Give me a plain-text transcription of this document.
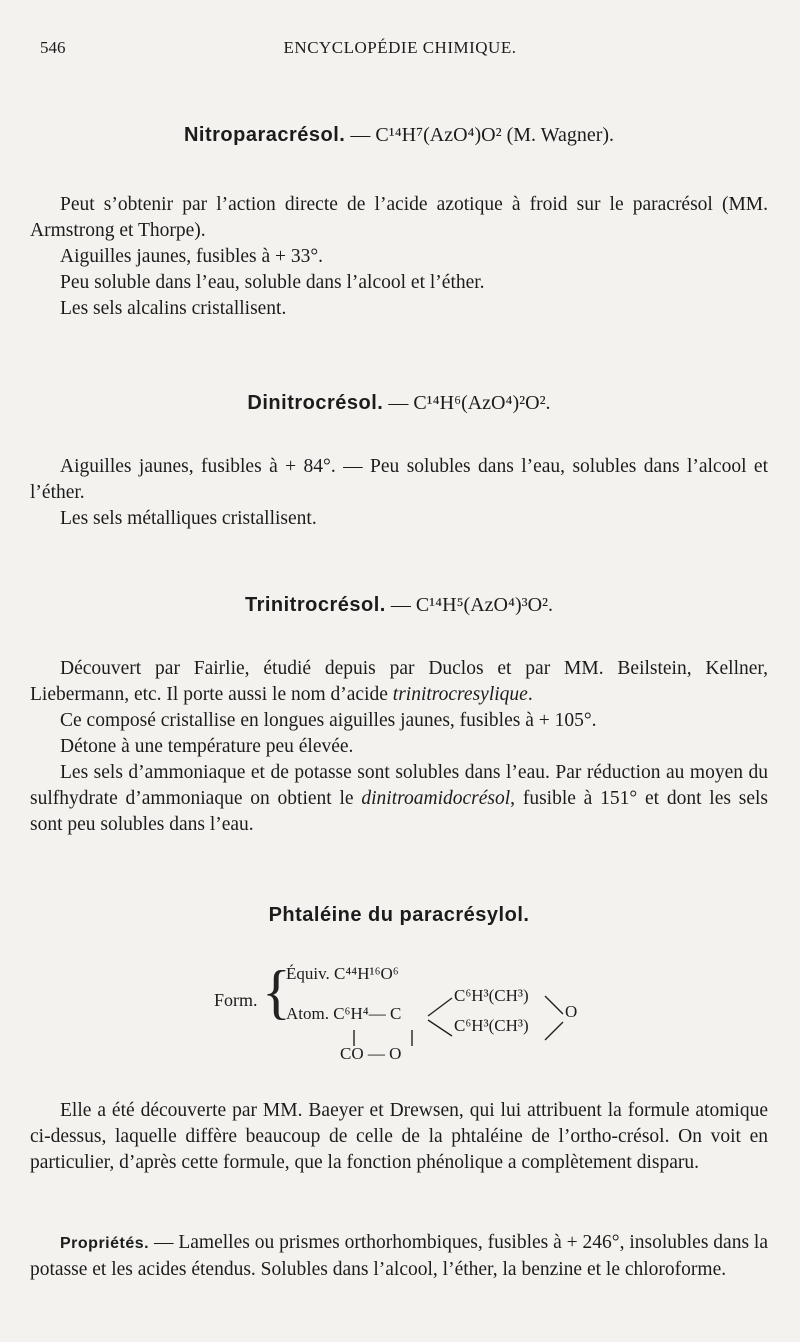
546	ENCYCLOPÉDIE CHIMIQUE.
Nitroparacrésol. — C¹⁴H⁷(AzO⁴)O² (M. Wagner).

Peut s’obtenir par l’action directe de l’acide azotique à froid sur le paracrésol (MM. Armstrong et Thorpe).

Aiguilles jaunes, fusibles à + 33°.

Peu soluble dans l’eau, soluble dans l’alcool et l’éther.

Les sels alcalins cristallisent.

Dinitrocrésol. — C¹⁴H⁶(AzO⁴)²O².

Aiguilles jaunes, fusibles à + 84°. — Peu solubles dans l’eau, solubles dans l’alcool et l’éther.

Les sels métalliques cristallisent.

Trinitrocrésol. — C¹⁴H⁵(AzO⁴)³O².

Découvert par Fairlie, étudié depuis par Duclos et par MM. Beilstein, Kellner, Liebermann, etc. Il porte aussi le nom d’acide trinitrocresylique.

Ce composé cristallise en longues aiguilles jaunes, fusibles à + 105°.

Détone à une température peu élevée.

Les sels d’ammoniaque et de potasse sont solubles dans l’eau. Par réduction au moyen du sulfhydrate d’ammoniaque on obtient le dinitroamidocrésol, fusible à 151° et dont les sels sont peu solubles dans l’eau.

Phtaléine du paracrésylol.
Form. {
Équiv. C⁴⁴H¹⁶O⁶
Atom. C⁶H⁴— C
C⁶H³(CH³)
C⁶H³(CH³)
O
CO — O

Elle a été découverte par MM. Baeyer et Drewsen, qui lui attribuent la formule atomique ci-dessus, laquelle diffère beaucoup de celle de la phtaléine de l’ortho-crésol. On voit en particulier, d’après cette formule, que la fonction phénolique a complètement disparu.

Propriétés. — Lamelles ou prismes orthorhombiques, fusibles à + 246°, insolubles dans la potasse et les acides étendus. Solubles dans l’alcool, l’éther, la benzine et le chloroforme.
